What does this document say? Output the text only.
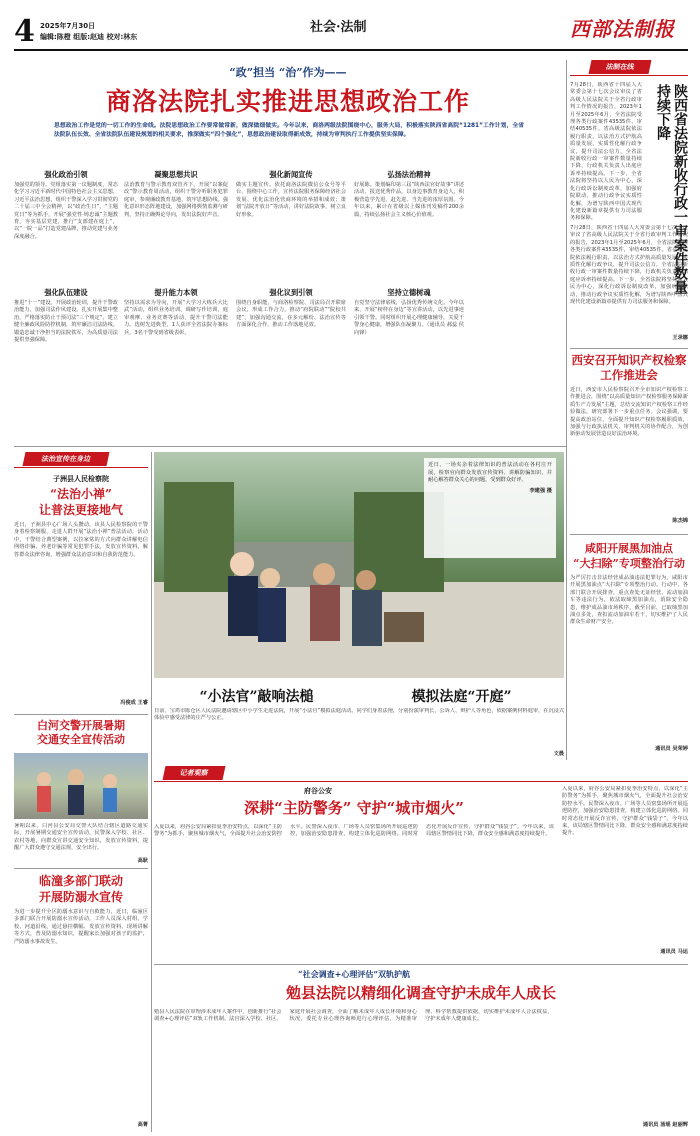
4 2025年7月30日
编辑:陈橙 组版:赵迪 校对:林东
社会·法制	西部法制报
“政”担当 “治”作为——
商洛法院扎实推进思想政治工作
思想政治工作是党的一切工作的生命线。法院思想政治工作要常做常新，做深做细做实。今年以来，商洛两级法院围绕中心，服务大局，积极落实陕西省高院“1281”工作计划，全省法院队伍长效、全省法院队伍建设规划的相关要求，推深做实“四个强化”，思想政治建设取得新成效，持续为审判执行工作提供坚实保障。
强化政治引领
加强党的领导。党组落实第一议题制度，常态化学习习近平新时代中国特色社会主义思想，习近平法治思想，组织干警深入学习贯彻党的二十届三中全会精神，以“政治生日”、“主题党日”等为抓手，开展“强党性·铸忠诚”主题教育。夯实基层党建，推行“支部建在庭上”，以“一院一品”打造党建品牌，推动党建与业务深度融合。
凝聚思想共识
法治教育与警示教育双管齐下，开展“以案促改”警示教育周活动，组织干警旁听职务犯罪庭审，参观廉政教育基地，筑牢思想防线。强化意识形态阵地建设，加强网络舆情监测与研判，坚持正确舆论导向，发出法院好声音。
强化新闻宣传
做实主题宣传。依托商洛法院微信公众号等平台，围绕中心工作，宣传法院服务保障经济社会发展、优化法治化营商环境的举措和成效；策划“法院开放日”等活动，讲好法院故事，树立良好形象。
弘扬法治精神
好展陈。策划编印第三届“陕西法官好故事”讲述活动，报送优秀作品，以身边事教育身边人，积极营造学先进、赶先进、当先进的浓厚氛围。今年以来，累计在省级以上媒体刊发稿件200余篇，持续弘扬社会主义核心价值观。
强化队伍建设
推进“十一”建设。开展政治轮训，提升干警政治能力，加强司法作风建设。扎实开展集中整治，严格落实防止干预司法“三个规定”，建立健全廉政风险防控机制，筑牢廉洁司法防线。锻造忠诚干净担当的法院铁军，为高质量司法提供坚强保障。
提升能力本领
坚持以需求为导向，开展“大学习大练兵大比武”活动，组织业务培训、调研写作培训、庭审观摩、业务竞赛等活动，提升干警司法能力。选树先进典型，1人获评全省法院办案标兵，3名干警受到省级表彰。
强化议到引领
围绕自身职能，与商洛检察院、司法局召开联席会议，形成工作合力。推动“府院联动”“院校共建”，加强沟通交流，在多元解纷、法治宣传等方面深化合作，推动工作落地见效。
坚持立德树魂
自觉坚守法律底线，弘扬优秀传统文化。今年以来，开展“榜样在身边”等宣讲活动，以先进事迹引领干警。同时组织开展心理健康辅导，关爱干警身心健康，增强队伍凝聚力。（通讯员 郝蕊 侯向锋）
法制在线
7月28日，陕西省十四届人大常委会第十七次会议审议了省高级人民法院关于全省行政审判工作情况的报告，2023年1月至2025年6月，全省法院受理各类行政案件43535件，审结40535件。省高级法院依法履行职责，以法治方式护航高质量发展，实质性化解行政争议，提升司法公信力，全省法院新收行政一审案件数量持续下降，行政机关负责人出庭应诉率持续提高。下一步，全省法院将坚持以人民为中心，深化行政诉讼制度改革，加强府院联动，推动行政争议实质性化解，为谱写陕西中国式现代化建设新篇章提供有力司法服务和保障。	陕西省法院新收行政一审案件数量持续下降
7月28日，陕西省十四届人大常委会第十七次会议审议了省高级人民法院关于全省行政审判工作情况的报告，2023年1月至2025年6月，全省法院受理各类行政案件43535件，审结40535件。省高级法院依法履行职责，以法治方式护航高质量发展，实质性化解行政争议，提升司法公信力，全省法院新收行政一审案件数量持续下降，行政机关负责人出庭应诉率持续提高。下一步，全省法院将坚持以人民为中心，深化行政诉讼制度改革，加强府院联动，推动行政争议实质性化解，为谱写陕西中国式现代化建设新篇章提供有力司法服务和保障。
王录娜
西安召开知识产权检察工作推进会
近日，西安市人民检察院召开全市知识产权检察工作推进会，围绕“以高质量知识产权检察服务保障新质生产力发展”主题，总结交流知识产权检察工作经验做法，研究部署下一步重点任务。会议强调，要提高政治站位，全面提升知识产权检察履职质效，加强与行政执法机关、审判机关的协作配合，为创新驱动发展营造良好法治环境。
陈杰锦
咸阳开展黑加油点
“大扫除”专项整治行动
为严厉打击非法经营成品油违法犯罪行为，咸阳市开展黑加油点“大扫除”专项整治行动。行动中，各部门联合开展排查，重点查处无证经营、流动加油车等违法行为，依法取缔黑加油点，消除安全隐患，维护成品油市场秩序。截至目前，已取缔黑加油点多处，查扣流动加油车若干，切实维护了人民群众生命财产安全。
通讯员 吴荣婷
法治宣传在身边
子洲县人民检察院
“法治小禅”
让普法更接地气
近日，子洲县中心广场人头攒动，该县人民检察院的干警身着检察制服，走进人群开展“法治小禅”普法活动。活动中，干警结合典型案例，以拉家常的方式向群众讲解电信网络诈骗、养老诈骗等常见犯罪手法，发放宣传资料，解答群众法律咨询，增强群众法治意识和自我防范能力。
冯俊成 王睿
近日，一场夹杂着法律知识的普法活动在各村庄开展，检察官向群众发放宣传资料、讲解防骗知识，并耐心解答群众关心的问题，受到群众好评。
李建强 摄
“小法官”敲响法槌	模拟法庭“开庭”
日前，宝鸡市陈仓区人民法院邀请辖区中小学生走进法院，开展“小法官”模拟法庭活动。同学们身着法袍，分别扮演审判长、公诉人、辩护人等角色，依据案例材料庭审，在沉浸式体验中感受法律的庄严与公正。
文晨
白河交警开展暑期
交通安全宣传活动
暑期以来，白河县公安局交警大队结合辖区道路交通实际，开展暑期交通安全宣传活动，民警深入学校、社区、农村等地，向群众宣讲交通安全知识，发放宣传资料，提醒广大群众遵守交通法规，安全出行。
高耿
临潼多部门联动
开展防溺水宣传
为进一步提升全区防溺水意识与自救能力，近日，临潼区多部门联合开展防溺水宣传活动，工作人员深入村组、学校、河道沿线，通过悬挂横幅、发放宣传资料、现场讲解等方式，普及防溺水知识，提醒家长加强对孩子的监护，严防溺水事故发生。
高菁
记者观察
府谷公安
深耕“主防警务” 守护“城市烟火”
入夏以来，府谷公安局紧扣夏季治安特点，以深化“主防警务”为抓手，聚焦城市烟火气，全面提升社会治安防控水平。民警深入夜市、广场等人员密集场所开展巡逻防控，加强治安隐患排查，构建立体化巡防网络。同时常态化开展反诈宣传，守护群众“钱袋子”。今年以来，该局辖区警情同比下降，群众安全感和满意度持续提升。
入夏以来，府谷公安局紧扣夏季治安特点，以深化“主防警务”为抓手，聚焦城市烟火气，全面提升社会治安防控水平。民警深入夜市、广场等人员密集场所开展巡逻防控，加强治安隐患排查，构建立体化巡防网络。同时常态化开展反诈宣传，守护群众“钱袋子”。今年以来，该局辖区警情同比下降，群众安全感和满意度持续提升。
通讯员 马运
“社会调查+心理评估”双轨护航
勉县法院以精细化调查守护未成年人成长
勉县人民法院在审理涉未成年人案件中，创新推行“社会调查+心理评估”双轨工作机制。法官深入学校、社区、家庭开展社会调查，全面了解未成年人成长环境和身心状况，委托专业心理咨询师进行心理评估，为精准审理、科学帮教提供依据，切实维护未成年人合法权益，守护未成年人健康成长。
通讯员 汤瑶 赵丽辉
